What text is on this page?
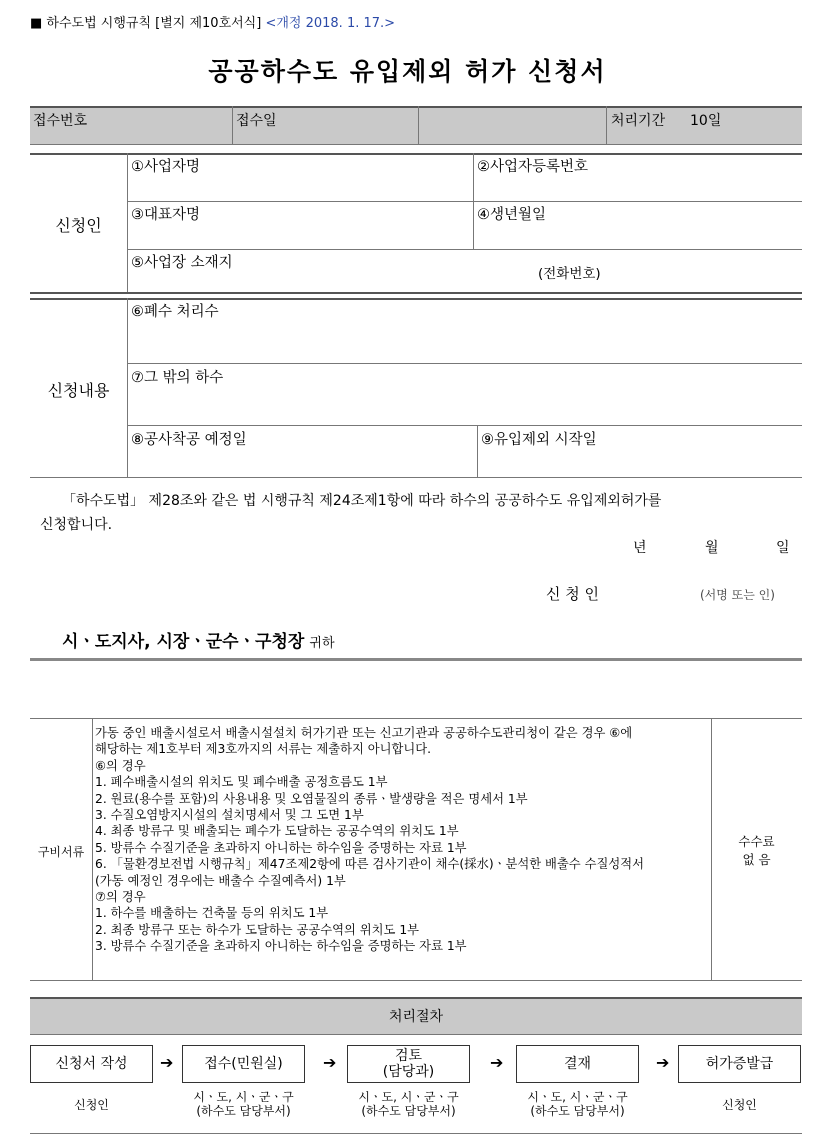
■ 하수도법 시행규칙 [별지 제10호서식] <개정 2018. 1. 17.>
공공하수도 유입제외 허가 신청서
접수번호	접수일	처리기간 10일
신청인
①사업자명	②사업자등록번호
③대표자명	④생년월일
⑤사업장 소재지
(전화번호)
신청내용
⑥폐수 처리수
⑦그 밖의 하수
⑧공사착공 예정일	⑨유입제외 시작일
「하수도법」 제28조와 같은 법 시행규칙 제24조제1항에 따라 하수의 공공하수도 유입제외허가를
신청합니다.
년	월	일
신 청 인	(서명 또는 인)
시ㆍ도지사, 시장ㆍ군수ㆍ구청장 귀하
구비서류
가동 중인 배출시설로서 배출시설설치 허가기관 또는 신고기관과 공공하수도관리청이 같은 경우 ⑥에
해당하는 제1호부터 제3호까지의 서류는 제출하지 아니합니다.
⑥의 경우
1. 폐수배출시설의 위치도 및 폐수배출 공정흐름도 1부
2. 원료(용수를 포함)의 사용내용 및 오염물질의 종류ㆍ발생량을 적은 명세서 1부
3. 수질오염방지시설의 설치명세서 및 그 도면 1부
4. 최종 방류구 및 배출되는 폐수가 도달하는 공공수역의 위치도 1부
5. 방류수 수질기준을 초과하지 아니하는 하수임을 증명하는 자료 1부
6. 「물환경보전법 시행규칙」제47조제2항에 따른 검사기관이 채수(採水)ㆍ분석한 배출수 수질성적서
(가동 예정인 경우에는 배출수 수질예측서) 1부
⑦의 경우
1. 하수를 배출하는 건축물 등의 위치도 1부
2. 최종 방류구 또는 하수가 도달하는 공공수역의 위치도 1부
3. 방류수 수질기준을 초과하지 아니하는 하수임을 증명하는 자료 1부
수수료
없 음
처리절차
신청서 작성
신청인
➔ 접수(민원실)
시ㆍ도, 시ㆍ군ㆍ구
(하수도 담당부서)
➔	검토
(담당과)
시ㆍ도, 시ㆍ군ㆍ구
(하수도 담당부서)
➔	결재
시ㆍ도, 시ㆍ군ㆍ구
(하수도 담당부서)
➔	허가증발급
신청인
